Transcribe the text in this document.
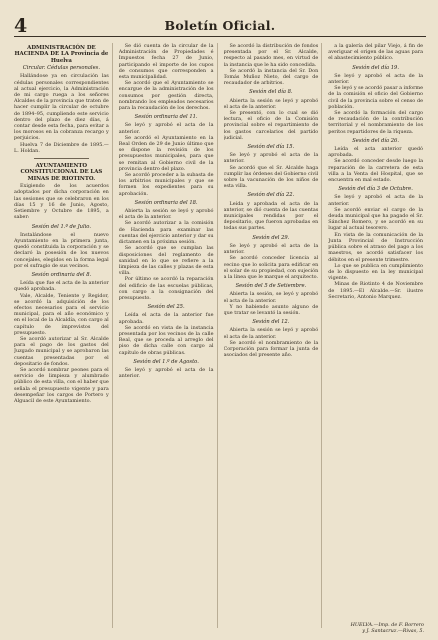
4	Boletín Oficial.
ADMINISTRACIÓN DE HACIENDA DE LA Provincia de Huelva
Circular. Cédulas personales.

Hallándose ya en circulación las cédulas personales correspondientes al actual ejercicio, la Administración de mi cargo ruega a los señores Alcaldes de la provincia que traten de hacer cumplir la circular de octubre de 1894–95, cumpliendo este servicio dentro del plazo de diez días, á contar desde esta fecha, para evitar a los morosos en la cobranza recargo y perjuicios.

Huelva 7 de Diciembre de 1895.—L. Holdan.

AYUNTAMIENTO CONSTITUCIONAL DE LAS MINAS DE RIOTINTO.

Exigiendo de los acuerdos adoptados por dicha corporación en las sesiones que se celebraron en los días 15 y 16 de Junio, Agosto, Setiembre y Octubre de 1895, a saber:

Sesión del 1.º de Julio.

Instalándose el nuevo Ayuntamiento en la primera junta, quedó constituida la corporación y se declaró la posesión de los nuevos concejales, elegidos en la forma legal por el sufragio de sus vecinos.

Sesión ordinaria del 8.

Leída que fue el acta de la anterior quedó aprobada.

Vale, Alcalde, Teniente y Regidor, se acordó la adquisición de los efectos necesarios para el servicio municipal, para el año económico y en el local de la Alcaldía, con cargo al capítulo de imprevistos del presupuesto.

Se acordó autorizar al Sr. Alcalde para el pago de los gastos del Juzgado municipal y se aprobaron las cuentas presentadas por el depositario de fondos.

Se acordó nombrar peones para el servicio de limpieza y alumbrado público de esta villa, con el haber que señala el presupuesto vigente y para desempeñar los cargos de Portero y Alguacil de este Ayuntamiento.

Se dió cuenta de la circular de la Administración de Propiedades é Impuestos fecha 27 de Junio, participando el importe de los cupos de consumos que corresponden a esta municipalidad.

Se acordó que el Ayuntamiento se encargue de la administración de los consumos por gestión directa, nombrando los empleados necesarios para la recaudación de los derechos.

Sesión ordinaria del 11.

Se leyó y aprobó el acta de la anterior.

Se acordó el Ayuntamiento en la Real Orden de 29 de Junio último que se dispone la revisión de los presupuestos municipales, para que se remitan al Gobierno civil de la provincia dentro del plazo.

Se acordó proceder a la subasta de los arbitrios municipales y que se formen los expedientes para su aprobación.

Sesión ordinaria del 18.

Abierta la sesión se leyó y aprobó el acta de la anterior.

Se acordó autorizar a la comisión de Hacienda para examinar las cuentas del ejercicio anterior y dar su dictamen en la próxima sesión.

Se acordó que se cumplan las disposiciones del reglamento de sanidad en lo que se refiere a la limpieza de las calles y plazas de esta villa.

Por último se acordó la reparación del edificio de las escuelas públicas, con cargo a la consignación del presupuesto.

Sesión del 25.

Leída el acta de la anterior fue aprobada.

Se acordó en vista de la instancia presentada por los vecinos de la calle Real, que se proceda al arreglo del piso de dicha calle con cargo al capítulo de obras públicas.

Sesión del 1.º de Agosto.

Se leyó y aprobó el acta de la anterior.

Se acordó la distribución de fondos presentada por el Sr. Alcalde, respecto al pasado mes, en virtud de la instancia que le ha sido concedida.

Se acordó la instancia del Sr. Don Tomás Muñoz Nieto, del cargo de recaudador de arbitrios.

Sesión del día 8.

Abierta la sesión se leyó y aprobó el acta de la anterior.

Se presentó, con lo cual se dió lectura, el oficio de la Comisión provincial sobre el repartimiento de los gastos carcelarios del partido judicial.

Sesión del día 15.

Se leyó y aprobó el acta de la anterior.

Se acordó que el Sr. Alcalde haga cumplir las órdenes del Gobierno civil sobre la vacunación de los niños de esta villa.

Sesión del día 22.

Leída y aprobada el acta de la anterior, se dió cuenta de las cuentas municipales rendidas por el depositario, que fueron aprobadas en todas sus partes.

Sesión del 29.

Se leyó y aprobó el acta de la anterior.

Se acordó conceder licencia al vecino que lo solicita para edificar en el solar de su propiedad, con sujeción a la línea que le marque el arquitecto.

Sesión del 5 de Setiembre.

Abierta la sesión, se leyó y aprobó el acta de la anterior.

Y no habiendo asunto alguno de que tratar se levantó la sesión.

Sesión del 12.

Abierta la sesión se leyó y aprobó el acta de la anterior.

Se acordó el nombramiento de la Corporación para formar la junta de asociados del presente año.

a la galería del pilar Viejo, á fin de averiguar el origen de las aguas para el abastecimiento público.

Sesión del día 19.

Se leyó y aprobó el acta de la anterior.

Se leyó y se acordó pasar a informe de la comisión el oficio del Gobierno civil de la provincia sobre el censo de población.

Se acordó la formación del cargo de recaudación de la contribución territorial y el nombramiento de los peritos repartidores de la riqueza.

Sesión del día 26.

Leída el acta anterior quedó aprobada.

Se acordó conceder desde luego la reparación de la carretera de esta villa a la Venta del Hospital, que se encuentra en mal estado.

Sesión del día 3 de Octubre.

Se leyó y aprobó el acta de la anterior.

Se acordó enviar el cargo de la deuda municipal que ha pagado el Sr. Sánchez Romero, y se acordó en su lugar al actual tesorero.

En vista de la comunicación de la Junta Provincial de Instrucción pública sobre el atraso del pago a los maestros, se acordó satisfacer los débitos en el presente trimestre.

Lo que se publica en cumplimiento de lo dispuesto en la ley municipal vigente.

Minas de Riotinto 4 de Noviembre de 1895.—El Alcalde.—Sr. ilustre Secretario, Antonio Marquez.

HUELVA.—Imp. de F. Borrero
y J. Santacruz.—Rivas, 5.
